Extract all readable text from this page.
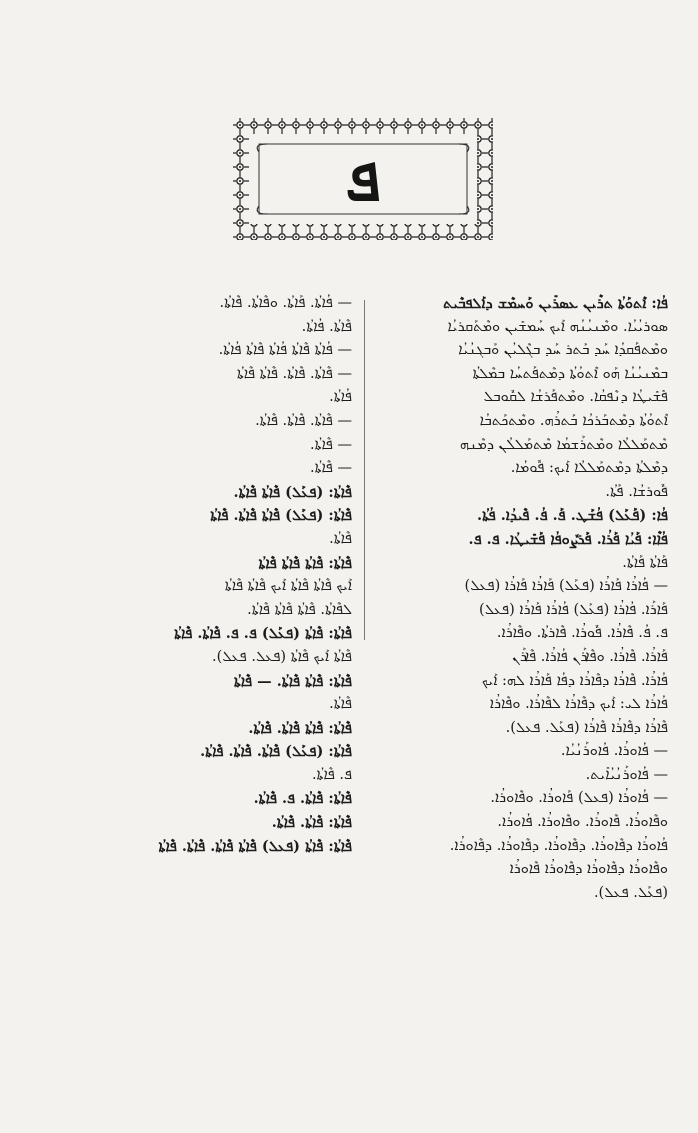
ܦ
ܦܳܐ: ܐܶܬܘܰܬܳܐ ܬܪܶܝܢ ܥܣܪܺܝܢ ܘܰܚܡܶܫ ܕܐܰܠܦܒܶܝܬ
ܣܘܪܝܳܝܳܐ. ܘܡܶܢܝܳܢܳܗ ܐܰܝܟ ܚܰܡܫܺܝܢ ܘܡܶܬܰܩܪܝܳܐ
ܘܡܶܬܦܰܩܕܳܐ ܚܰܕ ܒܰܬܪ ܚܰܕ ܒܓܶܠܝܳܢ ܘܰܒܓܢܳܝܳܐ
ܒܡܶܢܝܳܢܳܐ ܗܰܘ ܐܶܬܘܳܬܳܐ ܕܡܶܬܦܰܬܚܳܐ ܒܡܶܠܬܳܐ
ܦܺܫܺܝܛܳܐ ܕܢܶܦܩܳܐ. ܘܡܶܬܦܰܪܫܳܐ ܠܩܽܘܒܠ
ܐܶܬܘܳܬܳܐ ܕܡܶܬܒܰܪܟܳܐ ܒܰܬܪܳܗ. ܘܡܶܬܟܰܬܒܳܐ
ܡܶܬܡܰܠܠܳܐ ܘܡܶܬܪܰܫܡܳܐ ܡܶܬܡܰܠܠܳܢ ܕܡܶܢܗ
ܕܡܶܠܬܳܐ ܕܡܶܬܡܰܠܠܳܐ ܐܰܝܟ: ܦܽܘܡܳܐ.
ܦܽܘܪܫܳܐ. ܦܰܬܳܐ.
ܦܳܐ: (ܦܰܥܰܠ) ܦܳܫܰܛ. ܦܰ. ܦܳ. ܦܶܝܕܳܐ. ܦܳܬܳܐ.
ܦܳܐܶܐ: ܦܰܝܳܐ ܦܰܪܳܐ. ܦܰܪܨܽܘܦܳܐ ܦܰܫܺܝܛܳܐ. ܦ. ܦ.
ܦܰܐܬܳܐ ܦܰܐܬܳܐ.
— ܦܳܐܪܳܐ ܦܰܐܪܳܐ (ܦܥܰܠ) ܦܰܐܪܳܐ ܦܰܐܪܳܐ (ܦܥܠ)
ܦܰܐܪܰܐ. ܦܳܐܪܳܐ (ܦܥܰܠ) ܦܳܐܪܳܐ ܦܰܐܪܳܐ (ܦܥܠ)
ܦ. ܦܳ. ܦܶܐܪܳܐ. ܦܽܘܪܳܐ. ܦܶܐܪܬܳܐ. ܘܦܶܐܪܳܐ.
ܦܰܐܪܳܐ. ܦܶܐܪܳܐ. ܘܦܶܐܪܰܢ ܦܳܐܪܳܐ. ܦܶܐܪܰܢ
ܦܳܐܪܳܐ. ܦܶܐܪܳܐ ܕܦܶܐܪܳܐ ܕܦܳܐ ܦܰܐܪܳܐ ܠܗ: ܐܰܝܟ
ܦܳܐܪܳܐ ܠܝ: ܐܰܝܟ ܕܦܶܐܪܳܐ ܠܦܶܐܪܳܐ. ܘܦܶܐܪܳܐ
ܦܶܐܪܳܐ ܕܦܶܐܪܳܐ ܦܶܐܪܳܐ (ܦܥܰܠ. ܦܥܠ).
— ܦܳܐܘܪܳܐ. ܦܳܐܘܪܰܢܳܝܳܐ.
— ܦܳܐܘܪܰܢܳܝܳܐܺܝܬ.
— ܦܳܐܘܪܳܐ (ܦܥܠ) ܦܰܐܘܪܳܐ. ܘܦܶܐܘܪܳܐ.
ܘܦܶܐܘܪܳܐ. ܦܶܐܘܪܳܐ. ܘܦܶܐܘܪܳܐ. ܦܳܐܘܪܳܐ.
ܦܳܐܘܪܳܐ ܕܦܶܐܘܪܳܐ. ܕܦܶܐܘܪܳܐ. ܕܦܶܐܘܪܳܐ. ܕܦܶܐܘܪܳܐ.
ܘܦܶܐܘܪܳܐ ܕܦܶܐܘܪܳܐ ܕܦܶܐܘܪܳܐ ܦܶܐܘܪܳܐ
(ܦܥܰܠ. ܦܥܠ).
— ܦܳܐܬܳܐ. ܦܰܐܬܳܐ. ܘܦܶܐܬܳܐ. ܦܶܐܬܳܐ.
ܦܶܐܬܳܐ. ܦܳܐܬܳܐ.
— ܦܳܐܬܳܐ ܦܶܐܬܳܐ ܦܳܐܬܳܐ ܦܶܐܬܳܐ ܦܳܐܬܳܐ.
— ܦܶܐܬܳܐ. ܦܶܐܬܳܐ. ܦܶܐܬܳܐ ܦܶܐܬܳܐ
ܦܳܐܬܳܐ.
— ܦܶܐܬܳܐ. ܦܶܐܬܳܐ. ܦܶܐܬܳܐ.
— ܦܶܐܬܳܐ.
— ܦܶܐܬܳܐ.
ܦܶܐܬܳܐ: (ܦܥܰܠ) ܦܶܐܬܳܐ ܦܶܐܬܳܐ.
ܦܶܐܬܳܐ: (ܦܥܰܠ) ܦܶܐܬܳܐ ܦܶܐܬܳܐ. ܦܶܐܬܳܐ
ܦܶܐܬܳܐ.
ܦܶܐܬܳܐ: ܦܶܐܬܳܐ ܦܶܐܬܳܐ ܦܶܐܬܳܐ
ܐܰܝܟ ܦܶܐܬܳܐ ܦܶܐܬܳܐ ܐܰܝܟ ܦܶܐܬܳܐ ܦܶܐܬܳܐ
ܠܦܶܐܬܳܐ. ܦܶܐܬܳܐ ܦܶܐܬܳܐ ܦܶܐܬܳܐ.
ܦܶܐܬܳܐ: ܦܶܐܬܳܐ (ܦܥܰܠ) ܦ. ܦ. ܦܶܐܬܳܐ. ܦܶܐܬܳܐ
ܦܶܐܬܳܐ ܐܰܝܟ ܦܶܐܬܳܐ (ܦܥܠ. ܦܥܠ).
ܦܶܐܬܳܐ: ܦܶܐܬܳܐ ܦܶܐܬܳܐ. — ܦܶܐܬܳܐ
ܦܶܐܬܳܐ.
ܦܶܐܬܳܐ: ܦܶܐܬܳܐ ܦܶܐܬܳܐ. ܦܶܐܬܳܐ.
ܦܶܐܬܳܐ: (ܦܥܰܠ) ܦܶܐܬܳܐ. ܦܶܐܬܳܐ. ܦܶܐܬܳܐ.
ܦ. ܦܶܐܬܳܐ.
ܦܶܐܬܳܐ: ܦܶܐܬܳܐ. ܦ. ܦܶܐܬܳܐ.
ܦܶܐܬܳܐ: ܦܶܐܬܳܐ. ܦܶܐܬܳܐ.
ܦܶܐܬܳܐ: ܦܶܐܬܳܐ (ܦܥܠ) ܦܶܐܬܳܐ ܦܶܐܬܳܐ. ܦܶܐܬܳܐ. ܦܶܐܬܳܐ
